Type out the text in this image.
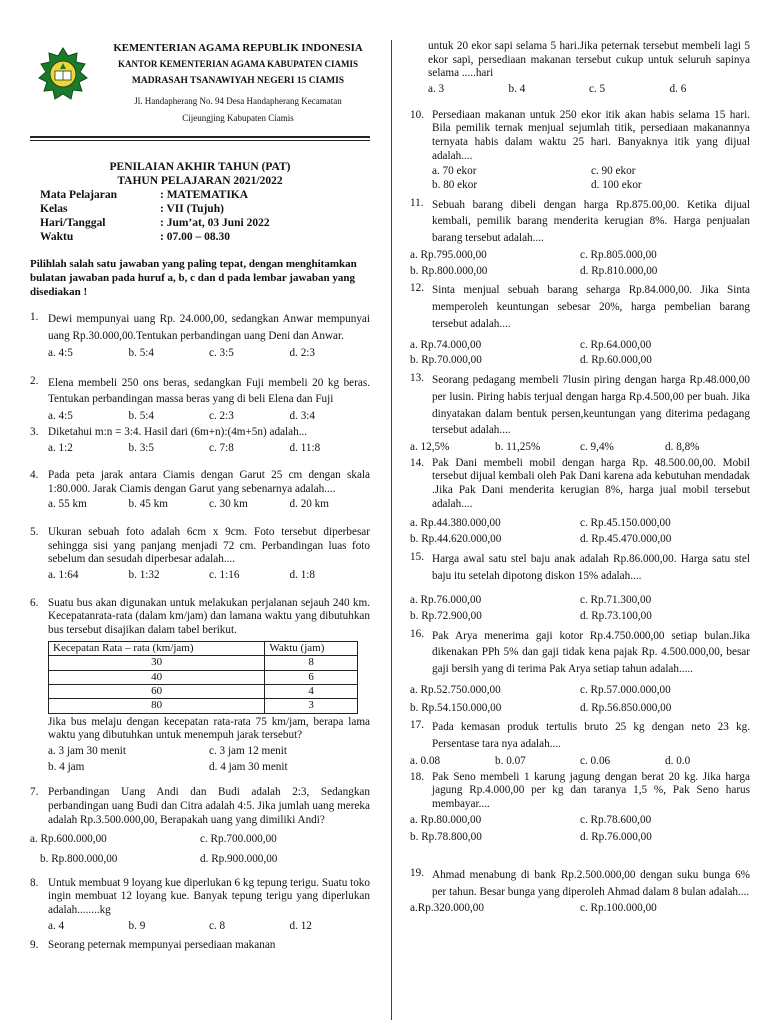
KEMENTERIAN AGAMA REPUBLIK INDONESIA
KANTOR KEMENTERIAN AGAMA KABUPATEN CIAMIS
MADRASAH TSANAWIYAH NEGERI 15 CIAMIS
Jl. Handapherang No. 94 Desa Handapherang Kecamatan
Cijeungjing Kabupaten Ciamis
PENILAIAN AKHIR TAHUN (PAT)
TAHUN PELAJARAN 2021/2022
Mata Pelajaran	: MATEMATIKA
Kelas	: VII (Tujuh)
Hari/Tanggal	: Jum’at, 03 Juni 2022
Waktu	: 07.00 – 08.30
Pilihlah salah satu jawaban yang paling tepat, dengan menghitamkan bulatan jawaban pada huruf a, b, c dan d pada lembar jawaban yang disediakan !
1. Dewi mempunyai uang Rp. 24.000,00, sedangkan Anwar mempunyai uang Rp.30.000,00.Tentukan perbandingan uang Deni dan Anwar.
a. 4:5	b. 5:4	c. 3:5	d. 2:3
2. Elena membeli 250 ons beras, sedangkan Fuji membeli 20 kg beras. Tentukan perbandingan massa beras yang di beli Elena dan Fuji
a. 4:5	b. 5:4	c. 2:3	d. 3:4
3. Diketahui m:n = 3:4. Hasil dari (6m+n):(4m+5n) adalah...
a. 1:2	b. 3:5	c. 7:8	d. 11:8
4. Pada peta jarak antara Ciamis dengan Garut 25 cm dengan skala 1:80.000. Jarak Ciamis dengan Garut yang sebenarnya adalah....
a. 55 km	b. 45 km	c. 30 km	d. 20 km
5. Ukuran sebuah foto adalah 6cm x 9cm. Foto tersebut diperbesar sehingga sisi yang panjang menjadi 72 cm. Perbandingan luas foto sebelum dan sesudah diperbesar adalah....
a. 1:64	b. 1:32	c. 1:16	d. 1:8
6. Suatu bus akan digunakan untuk melakukan perjalanan sejauh 240 km. Kecepatanrata-rata (dalam km/jam) dan lamana waktu yang dibutuhkan bus tersebut disajikan dalam tabel berikut.
Kecepatan Rata – rata (km/jam)	Waktu (jam)
30	8
40	6
60	4
80	3
Jika bus melaju dengan kecepatan rata-rata 75 km/jam, berapa lama waktu yang dibutuhkan untuk menempuh jarak tersebut?
a. 3 jam 30 menit	c. 3 jam 12 menit
b. 4 jam	d. 4 jam 30 menit
7. Perbandingan Uang Andi dan Budi adalah 2:3, Sedangkan perbandingan uang Budi dan Citra adalah 4:5. Jika jumlah uang mereka adalah Rp.3.500.000,00, Berapakah uang yang dimiliki Andi?
a. Rp.600.000,00	c. Rp.700.000,00
b. Rp.800.000,00	d. Rp.900.000,00
8. Untuk membuat 9 loyang kue diperlukan 6 kg tepung terigu. Suatu toko ingin membuat 12 loyang kue. Banyak tepung terigu yang diperlukan adalah........kg
a. 4	b. 9	c. 8	d. 12
9. Seorang peternak mempunyai persediaan makanan
untuk 20 ekor sapi selama 5 hari.Jika peternak tersebut membeli lagi 5 ekor sapi, persediaan makanan tersebut cukup untuk seluruh sapinya selama .....hari
a. 3	b. 4	c. 5	d. 6
10. Persediaan makanan untuk 250 ekor itik akan habis selama 15 hari. Bila pemilik ternak menjual sejumlah titik, persediaan makanannya ternyata habis dalam waktu 25 hari. Banyaknya itik yang dijual adalah....
a. 70 ekor	c. 90 ekor
b. 80 ekor	d. 100 ekor
11. Sebuah barang dibeli dengan harga Rp.875.00,00. Ketika dijual kembali, pemilik barang menderita kerugian 8%. Harga penjualan barang tersebut adalah....
a. Rp.795.000,00	c. Rp.805.000,00
b. Rp.800.000,00	d. Rp.810.000,00
12. Sinta menjual sebuah barang seharga Rp.84.000,00. Jika Sinta memperoleh keuntungan sebesar 20%, harga pembelian barang tersebut adalah....
a. Rp.74.000,00	c. Rp.64.000,00
b. Rp.70.000,00	d. Rp.60.000,00
13. Seorang pedagang membeli 7lusin piring dengan harga Rp.48.000,00 per lusin. Piring habis terjual dengan harga Rp.4.500,00 per buah. Jika dinyatakan dalam bentuk persen,keuntungan yang diterima pedagang tersebut adalah....
a. 12,5%	b. 11,25%	c. 9,4%	d. 8,8%
14. Pak Dani membeli mobil dengan harga Rp. 48.500.00,00. Mobil tersebut dijual kembali oleh Pak Dani karena ada kebutuhan mendadak .Jika Pak Dani menderita kerugian 8%, harga jual mobil tersebut adalah....
a. Rp.44.380.000,00	c. Rp.45.150.000,00
b. Rp.44.620.000,00	d. Rp.45.470.000,00
15. Harga awal satu stel baju anak adalah Rp.86.000,00. Harga satu stel baju itu setelah dipotong diskon 15% adalah....
a. Rp.76.000,00	c. Rp.71.300,00
b. Rp.72.900,00	d. Rp.73.100,00
16. Pak Arya menerima gaji kotor Rp.4.750.000,00 setiap bulan.Jika dikenakan PPh 5% dan gaji tidak kena pajak Rp. 4.500.000,00, besar gaji bersih yang di terima Pak Arya setiap tahun adalah.....
a. Rp.52.750.000,00	c. Rp.57.000.000,00
b. Rp.54.150.000,00	d. Rp.56.850.000,00
17. Pada kemasan produk tertulis bruto 25 kg dengan neto 23 kg. Persentase tara nya adalah....
a. 0.08	b. 0.07	c. 0.06	d. 0.0
18. Pak Seno membeli 1 karung jagung dengan berat 20 kg. Jika harga jagung Rp.4.000,00 per kg dan taranya 1,5 %, Pak Seno harus membayar....
a. Rp.80.000,00	c. Rp.78.600,00
b. Rp.78.800,00	d. Rp.76.000,00
19. Ahmad menabung di bank Rp.2.500.000,00 dengan suku bunga 6% per tahun. Besar bunga yang diperoleh Ahmad dalam 8 bulan adalah....
a.Rp.320.000,00	c. Rp.100.000,00
